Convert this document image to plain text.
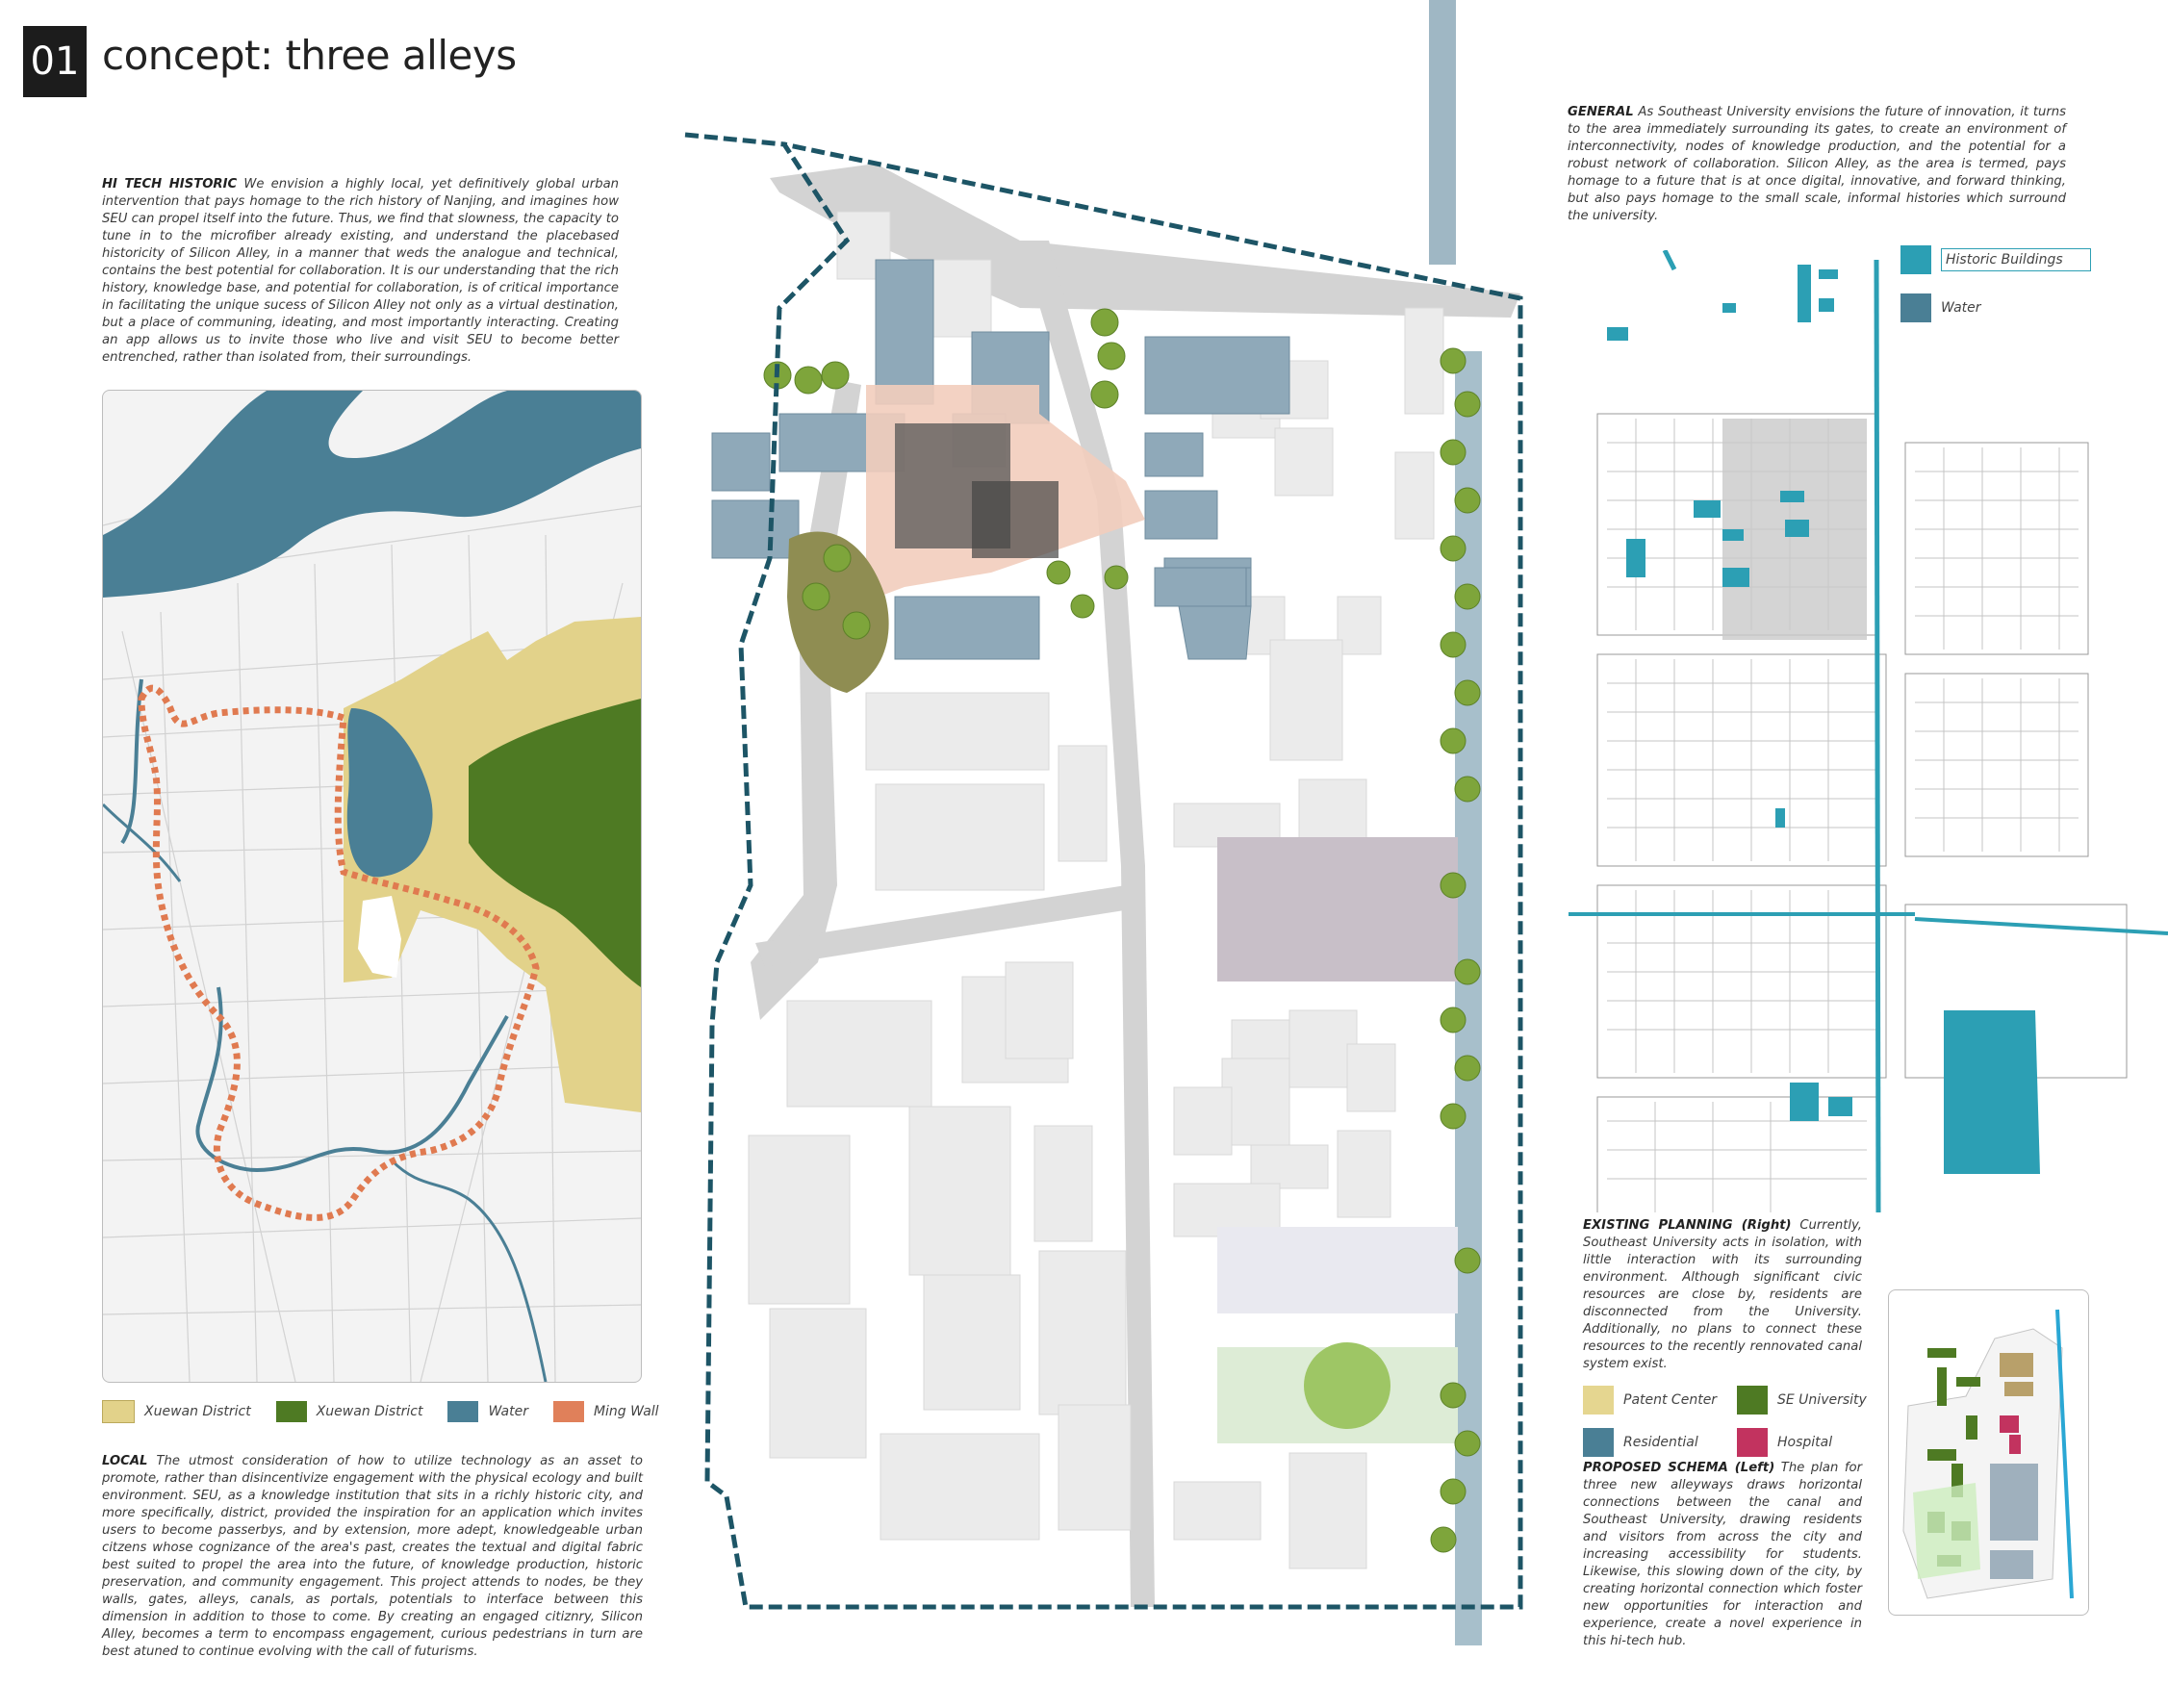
01 concept: three alleys
HI TECH HISTORIC We envision a highly local, yet definitively global urban intervention that pays homage to the rich history of Nanjing, and imagines how SEU can propel itself into the future. Thus, we find that slowness, the capacity to tune in to the microfiber already existing, and understand the placebased historicity of Silicon Alley, in a manner that weds the analogue and technical, contains the best potential for collaboration. It is our understanding that the rich history, knowledge base, and potential for collaboration, is of critical importance in facilitating the unique sucess of Silicon Alley not only as a virtual destination, but a place of communing, ideating, and most importantly interacting. Creating an app allows us to invite those who live and visit SEU to become better entrenched, rather than isolated from, their surroundings.
GENERAL As Southeast University envisions the future of innovation, it turns to the area immediately surrounding its gates, to create an environment of interconnectivity, nodes of knowledge production, and the potential for a robust network of collaboration. Silicon Alley, as the area is termed, pays homage to a future that is at once digital, innovative, and forward thinking, but also pays homage to the small scale, informal histories which surround the university.
Xuewan District	Xuewan District	Water	Ming Wall
LOCAL The utmost consideration of how to utilize technology as an asset to promote, rather than disincentivize engagement with the physical ecology and built environment. SEU, as a knowledge institution that sits in a richly historic city, and more specifically, district, provided the inspiration for an application which invites users to become passerbys, and by extension, more adept, knowledgeable urban citzens whose cognizance of the area's past, creates the textual and digital fabric best suited to propel the area into the future, of knowledge production, historic preservation, and community engagement. This project attends to nodes, be they walls, gates, alleys, canals, as portals, potentials to interface between this dimension in addition to those to come. By creating an engaged citiznry, Silicon Alley, becomes a term to encompass engagement, curious pedestrians in turn are best atuned to continue evolving with the call of futurisms.
Historic Buildings
Water
EXISTING PLANNING (Right) Currently, Southeast University acts in isolation, with little interaction with its surrounding environment. Although significant civic resources are close by, residents are disconnected from the University. Additionally, no plans to connect these resources to the recently rennovated canal system exist.
Patent Center	SE University
Residential	Hospital
PROPOSED SCHEMA (Left) The plan for three new alleyways draws horizontal connections between the canal and Southeast University, drawing residents and visitors from across the city and increasing accessibility for students. Likewise, this slowing down of the city, by creating horizontal connection which foster new opportunities for interaction and experience, create a novel experience in this hi-tech hub.
